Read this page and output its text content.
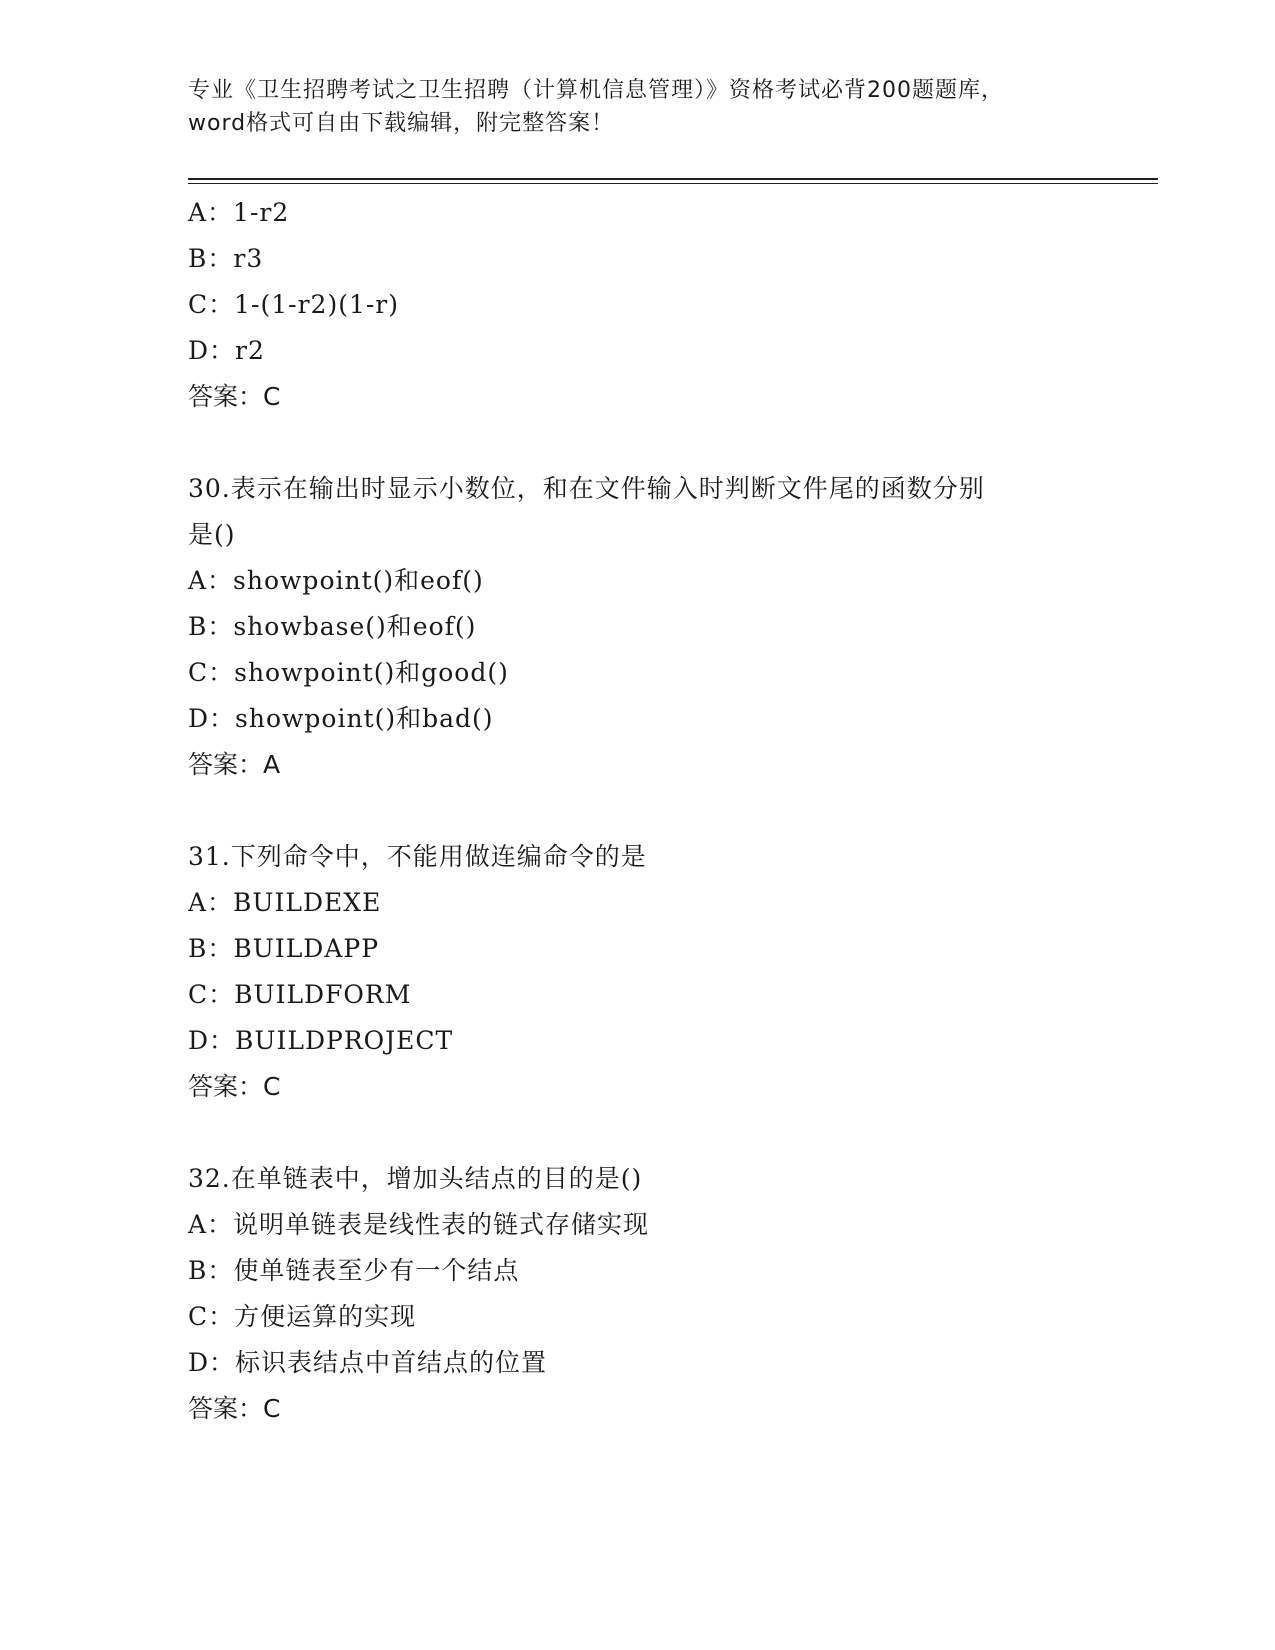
专业《卫生招聘考试之卫生招聘（计算机信息管理）》资格考试必背200题题库，
word格式可自由下载编辑，附完整答案！
A：1-r2
B：r3
C：1-(1-r2)(1-r)
D：r2
答案：C
30.表示在输出时显示小数位，和在文件输入时判断文件尾的函数分别
是()
A：showpoint()和eof()
B：showbase()和eof()
C：showpoint()和good()
D：showpoint()和bad()
答案：A
31.下列命令中，不能用做连编命令的是
A：BUILDEXE
B：BUILDAPP
C：BUILDFORM
D：BUILDPROJECT
答案：C
32.在单链表中，增加头结点的目的是()
A：说明单链表是线性表的链式存储实现
B：使单链表至少有一个结点
C：方便运算的实现
D：标识表结点中首结点的位置
答案：C
